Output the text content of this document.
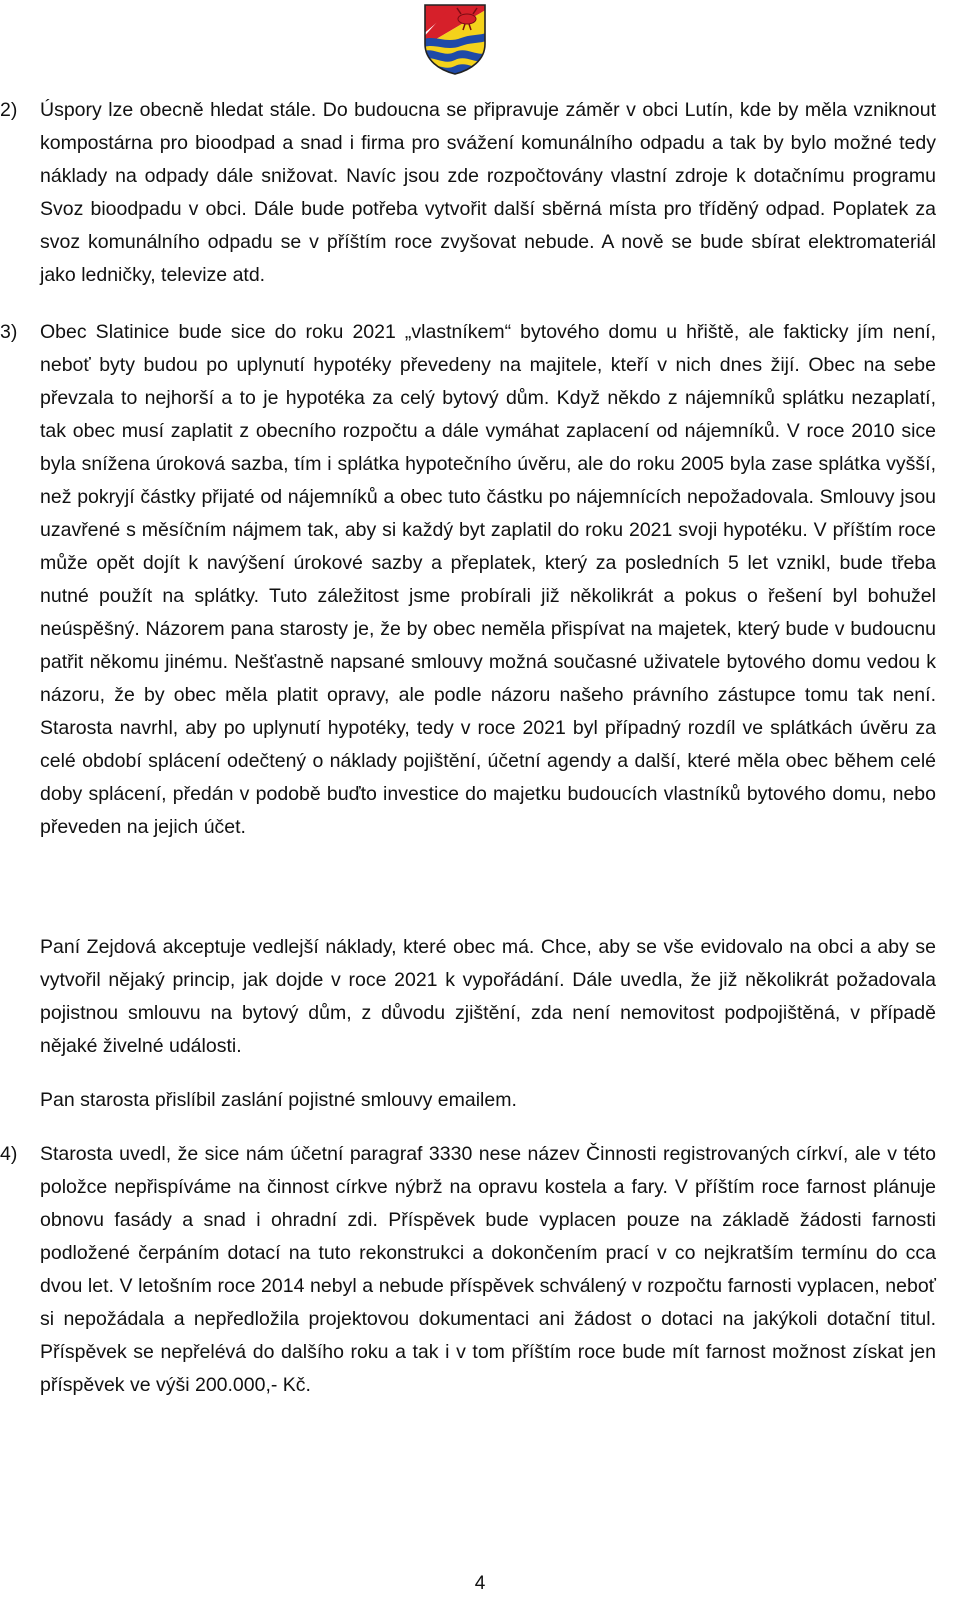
2) Úspory lze obecně hledat stále. Do budoucna se připravuje záměr v obci Lutín, kde by měla vzniknout kompostárna pro bioodpad a snad i firma pro svážení komunálního odpadu a tak by bylo možné tedy náklady na odpady dále snižovat. Navíc jsou zde rozpočtovány vlastní zdroje k dotačnímu programu Svoz bioodpadu v obci. Dále bude potřeba vytvořit další sběrná místa pro tříděný odpad. Poplatek za svoz komunálního odpadu se v příštím roce zvyšovat nebude. A nově se bude sbírat elektromateriál jako ledničky, televize atd.
3) Obec Slatinice bude sice do roku 2021 „vlastníkem“ bytového domu u hřiště, ale fakticky jím není, neboť byty budou po uplynutí hypotéky převedeny na majitele, kteří v nich dnes žijí. Obec na sebe převzala to nejhorší a to je hypotéka za celý bytový dům. Když někdo z nájemníků splátku nezaplatí, tak obec musí zaplatit z obecního rozpočtu a dále vymáhat zaplacení od nájemníků. V roce 2010 sice byla snížena úroková sazba, tím i splátka hypotečního úvěru, ale do roku 2005 byla zase splátka vyšší, než pokryjí částky přijaté od nájemníků a obec tuto částku po nájemnících nepožadovala. Smlouvy jsou uzavřené s měsíčním nájmem tak, aby si každý byt zaplatil do roku 2021 svoji hypotéku. V příštím roce může opět dojít k navýšení úrokové sazby a přeplatek, který za posledních 5 let vznikl, bude třeba nutné použít na splátky. Tuto záležitost jsme probírali již několikrát a pokus o řešení byl bohužel neúspěšný. Názorem pana starosty je, že by obec neměla přispívat na majetek, který bude v budoucnu patřit někomu jinému. Nešťastně napsané smlouvy možná současné uživatele bytového domu vedou k názoru, že by obec měla platit opravy, ale podle názoru našeho právního zástupce tomu tak není. Starosta navrhl, aby po uplynutí hypotéky, tedy v roce 2021 byl případný rozdíl ve splátkách úvěru za celé období splácení odečtený o náklady pojištění, účetní agendy a další, které měla obec během celé doby splácení, předán v podobě buďto investice do majetku budoucích vlastníků bytového domu, nebo převeden na jejich účet.
Paní Zejdová akceptuje vedlejší náklady, které obec má. Chce, aby se vše evidovalo na obci a aby se vytvořil nějaký princip, jak dojde v roce 2021 k vypořádání. Dále uvedla, že již několikrát požadovala pojistnou smlouvu na bytový dům, z důvodu zjištění, zda není nemovitost podpojištěná, v případě nějaké živelné události.
Pan starosta přislíbil zaslání pojistné smlouvy emailem.
4) Starosta uvedl, že sice nám účetní paragraf 3330 nese název Činnosti registrovaných církví, ale v této položce nepřispíváme na činnost církve nýbrž na opravu kostela a fary. V příštím roce farnost plánuje obnovu fasády a snad i ohradní zdi. Příspěvek bude vyplacen pouze na základě žádosti farnosti podložené čerpáním dotací na tuto rekonstrukci a dokončením prací v co nejkratším termínu do cca dvou let. V letošním roce 2014 nebyl a nebude příspěvek schválený v rozpočtu farnosti vyplacen, neboť si nepožádala a nepředložila projektovou dokumentaci ani žádost o dotaci na jakýkoli dotační titul. Příspěvek se nepřelévá do dalšího roku a tak i v tom příštím roce bude mít farnost možnost získat jen příspěvek ve výši 200.000,- Kč.
4
